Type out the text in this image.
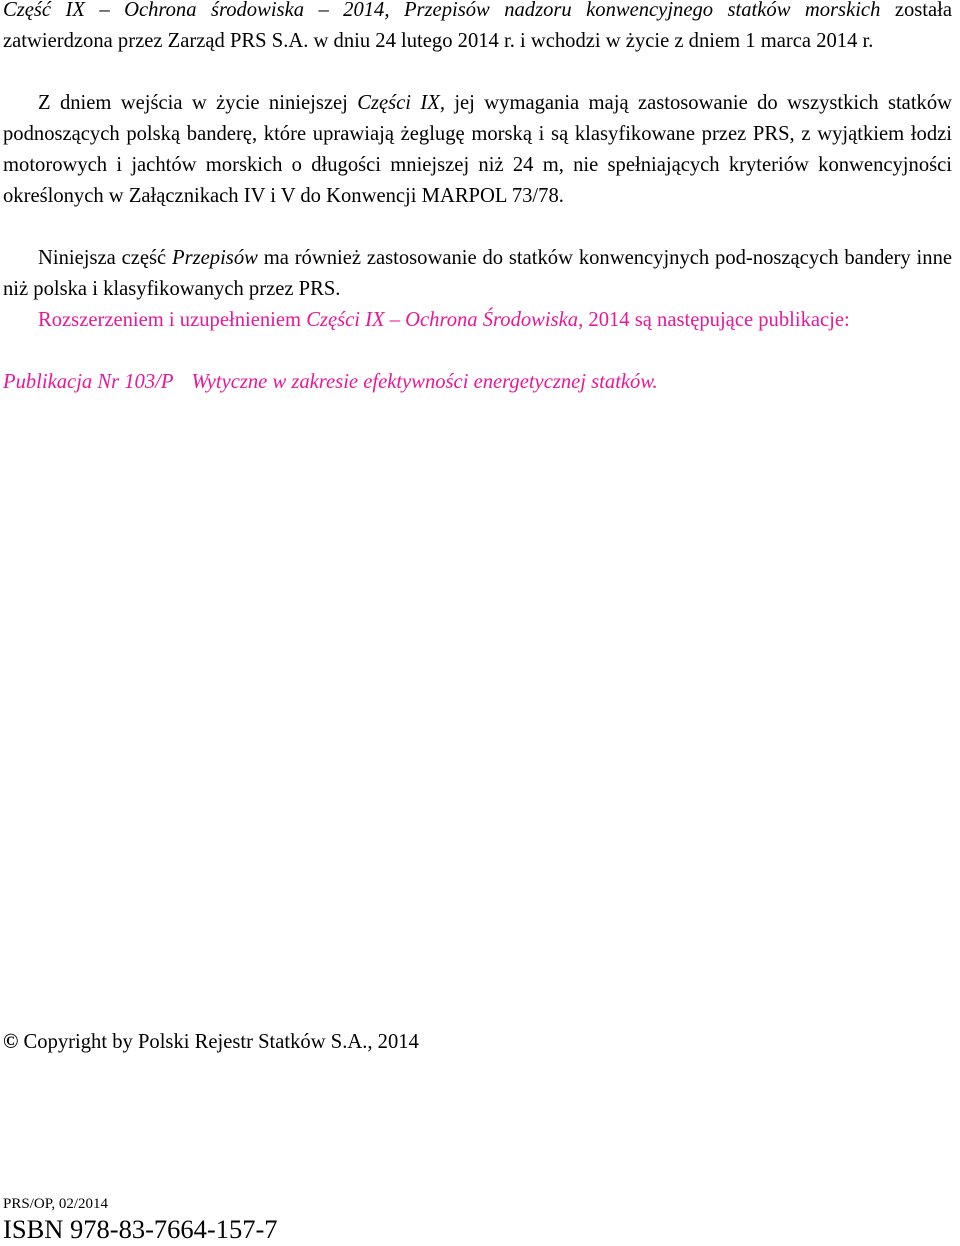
Część IX – Ochrona środowiska – 2014, Przepisów nadzoru konwencyjnego statków morskich została zatwierdzona przez Zarząd PRS S.A. w dniu 24 lutego 2014 r. i wchodzi w życie z dniem 1 marca 2014 r.

Z dniem wejścia w życie niniejszej Części IX, jej wymagania mają zastosowanie do wszystkich statków podnoszących polską banderę, które uprawiają żeglugę morską i są klasyfikowane przez PRS, z wyjątkiem łodzi motorowych i jachtów morskich o długości mniejszej niż 24 m, nie spełniających kryteriów konwencyjności określonych w Załącznikach IV i V do Konwencji MARPOL 73/78.

Niniejsza część Przepisów ma również zastosowanie do statków konwencyjnych pod-noszących bandery inne niż polska i klasyfikowanych przez PRS.

Rozszerzeniem i uzupełnieniem Części IX – Ochrona Środowiska, 2014 są następujące publikacje:

Publikacja Nr 103/P Wytyczne w zakresie efektywności energetycznej statków.

© Copyright by Polski Rejestr Statków S.A., 2014

PRS/OP, 02/2014

ISBN 978-83-7664-157-7
